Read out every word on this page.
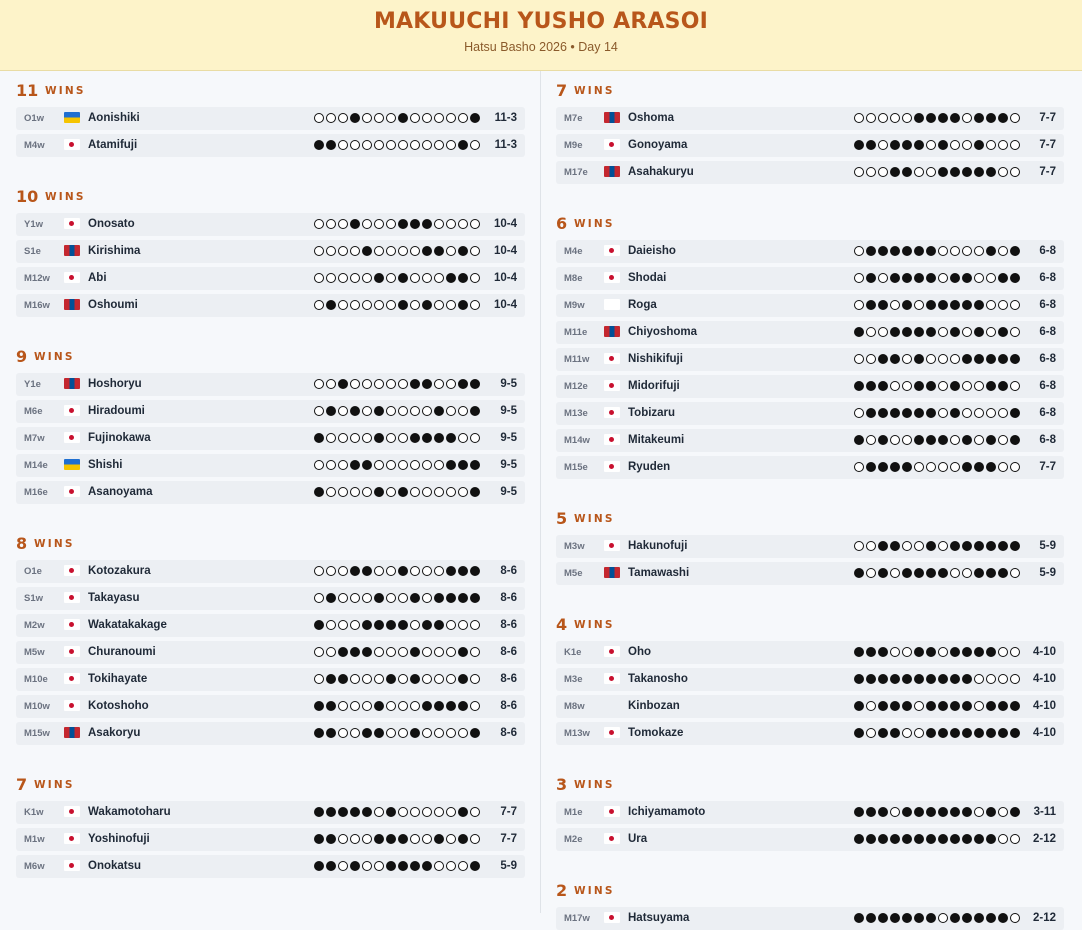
MAKUUCHI YUSHO ARASOI
Hatsu Basho 2026 • Day 14
11 WINS
O1w	Aonishiki	11-3
M4w	Atamifuji	11-3
10 WINS
Y1w	Onosato	10-4
S1e	Kirishima	10-4
M12w	Abi	10-4
M16w	Oshoumi	10-4
9 WINS
Y1e	Hoshoryu	9-5
M6e	Hiradoumi	9-5
M7w	Fujinokawa	9-5
M14e	Shishi	9-5
M16e	Asanoyama	9-5
8 WINS
O1e	Kotozakura	8-6
S1w	Takayasu	8-6
M2w	Wakatakakage	8-6
M5w	Churanoumi	8-6
M10e	Tokihayate	8-6
M10w	Kotoshoho	8-6
M15w	Asakoryu	8-6
7 WINS
K1w	Wakamotoharu	7-7
M1w	Yoshinofuji	7-7
M6w	Onokatsu	5-9
7 WINS
M7e	Oshoma	7-7
M9e	Gonoyama	7-7
M17e	Asahakuryu	7-7
6 WINS
M4e	Daieisho	6-8
M8e	Shodai	6-8
M9w	Roga	6-8
M11e	Chiyoshoma	6-8
M11w	Nishikifuji	6-8
M12e	Midorifuji	6-8
M13e	Tobizaru	6-8
M14w	Mitakeumi	6-8
M15e	Ryuden	7-7
5 WINS
M3w	Hakunofuji	5-9
M5e	Tamawashi	5-9
4 WINS
K1e	Oho	4-10
M3e	Takanosho	4-10
M8w	Kinbozan	4-10
M13w	Tomokaze	4-10
3 WINS
M1e	Ichiyamamoto	3-11
M2e	Ura	2-12
2 WINS
M17w	Hatsuyama	2-12
